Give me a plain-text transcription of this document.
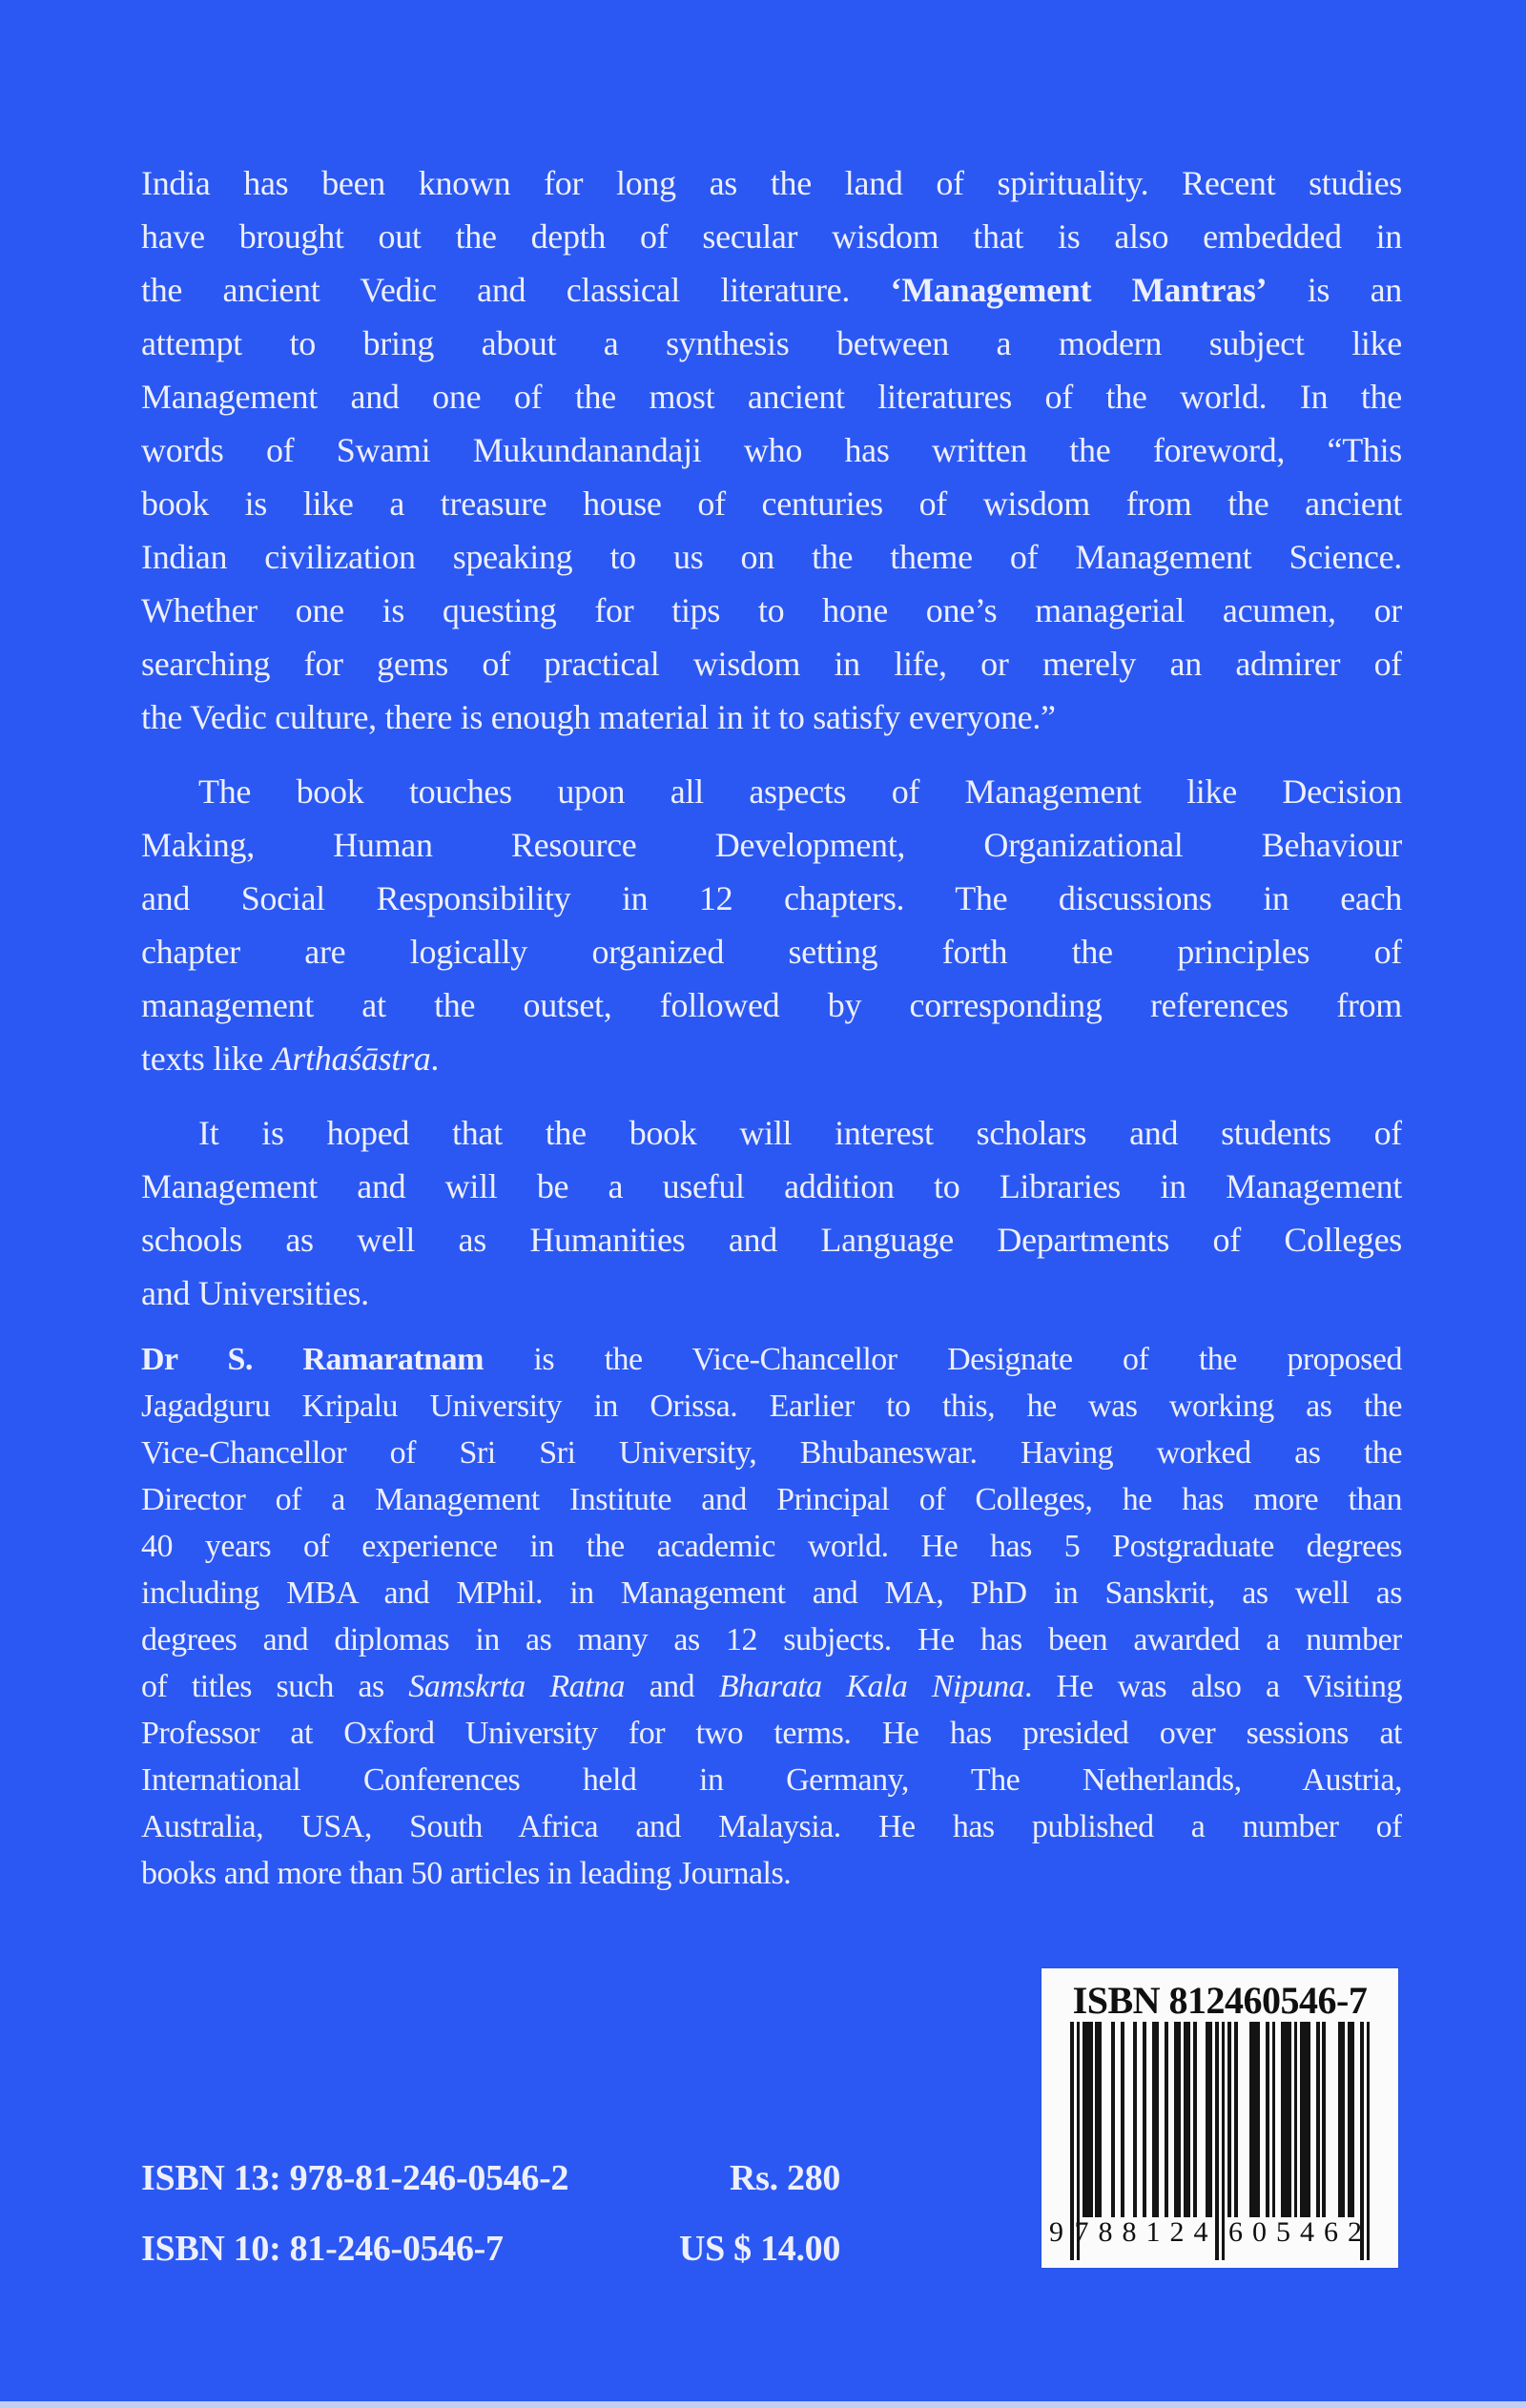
India has been known for long as the land of spirituality. Recent studies
have brought out the depth of secular wisdom that is also embedded in
the ancient Vedic and classical literature. ‘Management Mantras’ is an
attempt to bring about a synthesis between a modern subject like
Management and one of the most ancient literatures of the world. In the
words of Swami Mukundanandaji who has written the foreword, “This
book is like a treasure house of centuries of wisdom from the ancient
Indian civilization speaking to us on the theme of Management Science.
Whether one is questing for tips to hone one’s managerial acumen, or
searching for gems of practical wisdom in life, or merely an admirer of
the Vedic culture, there is enough material in it to satisfy everyone.”
The book touches upon all aspects of Management like Decision
Making, Human Resource Development, Organizational Behaviour
and Social Responsibility in 12 chapters. The discussions in each
chapter are logically organized setting forth the principles of
management at the outset, followed by corresponding references from
texts like Arthaśāstra.
It is hoped that the book will interest scholars and students of
Management and will be a useful addition to Libraries in Management
schools as well as Humanities and Language Departments of Colleges
and Universities.
Dr S. Ramaratnam is the Vice-Chancellor Designate of the proposed
Jagadguru Kripalu University in Orissa. Earlier to this, he was working as the
Vice-Chancellor of Sri Sri University, Bhubaneswar. Having worked as the
Director of a Management Institute and Principal of Colleges, he has more than
40 years of experience in the academic world. He has 5 Postgraduate degrees
including MBA and MPhil. in Management and MA, PhD in Sanskrit, as well as
degrees and diplomas in as many as 12 subjects. He has been awarded a number
of titles such as Samskrta Ratna and Bharata Kala Nipuna. He was also a Visiting
Professor at Oxford University for two terms. He has presided over sessions at
International Conferences held in Germany, The Netherlands, Austria,
Australia, USA, South Africa and Malaysia. He has published a number of
books and more than 50 articles in leading Journals.
ISBN 812460546-7
9 788124 605462
ISBN 13: 978-81-246-0546-2	Rs. 280
ISBN 10: 81-246-0546-7	US $ 14.00
